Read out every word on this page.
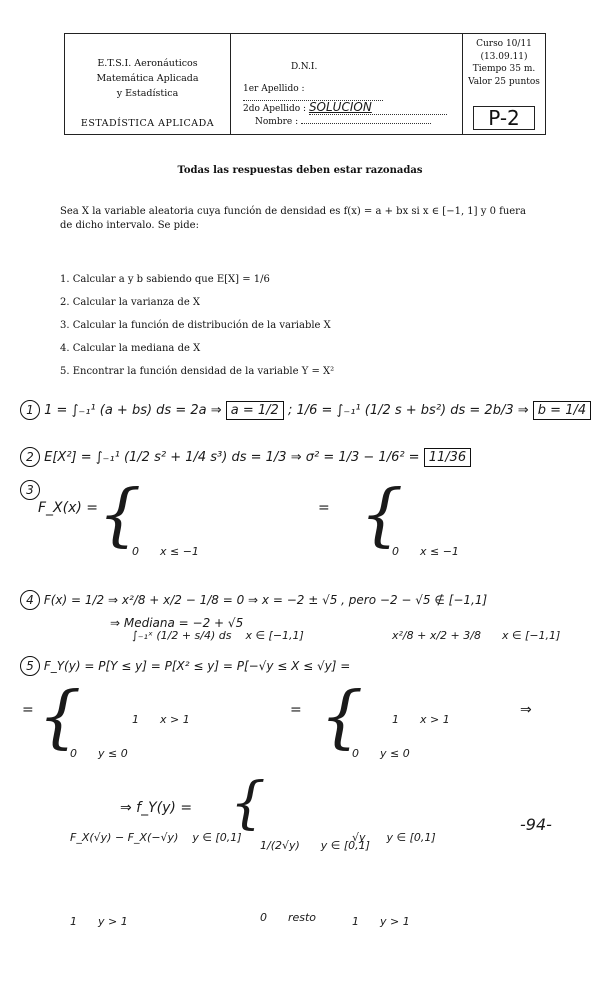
E.T.S.I. Aeronáuticos
Matemática Aplicada
y Estadística
ESTADÍSTICA APLICADA
D.N.I.
1er Apellido :
2do Apellido : SOLUCION
Nombre :
Curso 10/11
(13.09.11)
Tiempo 35 m.
Valor 25 puntos
P-2
Todas las respuestas deben estar razonadas
Sea X la variable aleatoria cuya función de densidad es f(x) = a + bx si x ∈ [−1, 1] y 0 fuera de dicho intervalo. Se pide:
1. Calcular a y b sabiendo que E[X] = 1/6
2. Calcular la varianza de X
3. Calcular la función de distribución de la variable X
4. Calcular la mediana de X
5. Encontrar la función densidad de la variable Y = X²
1 1 = ∫₋₁¹ (a + bs) ds = 2a ⇒ a = 1/2 ; 1/6 = ∫₋₁¹ (1/2 s + bs²) ds = 2b/3 ⇒ b = 1/4
2 E[X²] = ∫₋₁¹ (1/2 s² + 1/4 s³) ds = 1/3 ⇒ σ² = 1/3 − 1/6² = 11/36
3
F_X(x) = {

0      x ≤ −1

∫₋₁ˣ (1/2 + s/4) ds    x ∈ [−1,1]

1      x > 1

= {

0      x ≤ −1

x²/8 + x/2 + 3/8      x ∈ [−1,1]

1      x > 1

4 F(x) = 1/2 ⇒ x²/8 + x/2 − 1/8 = 0 ⇒ x = −2 ± √5 , pero −2 − √5 ∉ [−1,1]
⇒ Mediana = −2 + √5
5 F_Y(y) = P[Y ≤ y] = P[X² ≤ y] = P[−√y ≤ X ≤ √y] =
= {

0      y ≤ 0

F_X(√y) − F_X(−√y)    y ∈ [0,1]

1      y > 1

= {

0      y ≤ 0

√y      y ∈ [0,1]

1      y > 1

⇒
⇒ f_Y(y) = {

1/(2√y)      y ∈ [0,1]

0      resto

-94-
